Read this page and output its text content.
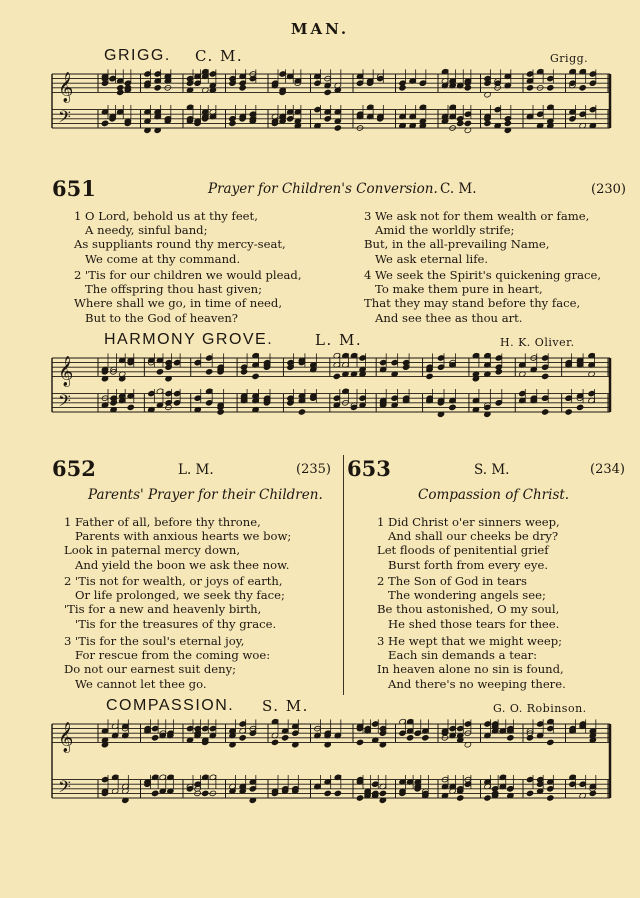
MAN.
GRIGG. C. M.	Grigg.
𝄞
𝄢
651	Prayer for Children's Conversion. C. M.	(230)
1 O Lord, behold us at thy feet,
A needy, sinful band;
As suppliants round thy mercy-seat,
We come at thy command.
2 'Tis for our children we would plead,
The offspring thou hast given;
Where shall we go, in time of need,
But to the God of heaven?
3 We ask not for them wealth or fame,
Amid the worldly strife;
But, in the all-prevailing Name,
We ask eternal life.
4 We seek the Spirit's quickening grace,
To make them pure in heart,
That they may stand before thy face,
And see thee as thou art.
HARMONY GROVE.	L. M.	H. K. Oliver.
𝄞
𝄢
652	L. M.	(235)
Parents' Prayer for their Children.
1 Father of all, before thy throne,
Parents with anxious hearts we bow;
Look in paternal mercy down,
And yield the boon we ask thee now.
2 'Tis not for wealth, or joys of earth,
Or life prolonged, we seek thy face;
'Tis for a new and heavenly birth,
'Tis for the treasures of thy grace.
3 'Tis for the soul's eternal joy,
For rescue from the coming woe:
Do not our earnest suit deny;
We cannot let thee go.
653	S. M.	(234)
Compassion of Christ.
1 Did Christ o'er sinners weep,
And shall our cheeks be dry?
Let floods of penitential grief
Burst forth from every eye.
2 The Son of God in tears
The wondering angels see;
Be thou astonished, O my soul,
He shed those tears for thee.
3 He wept that we might weep;
Each sin demands a tear:
In heaven alone no sin is found,
And there's no weeping there.
COMPASSION. S. M.	G. O. Robinson.
𝄞
𝄢
